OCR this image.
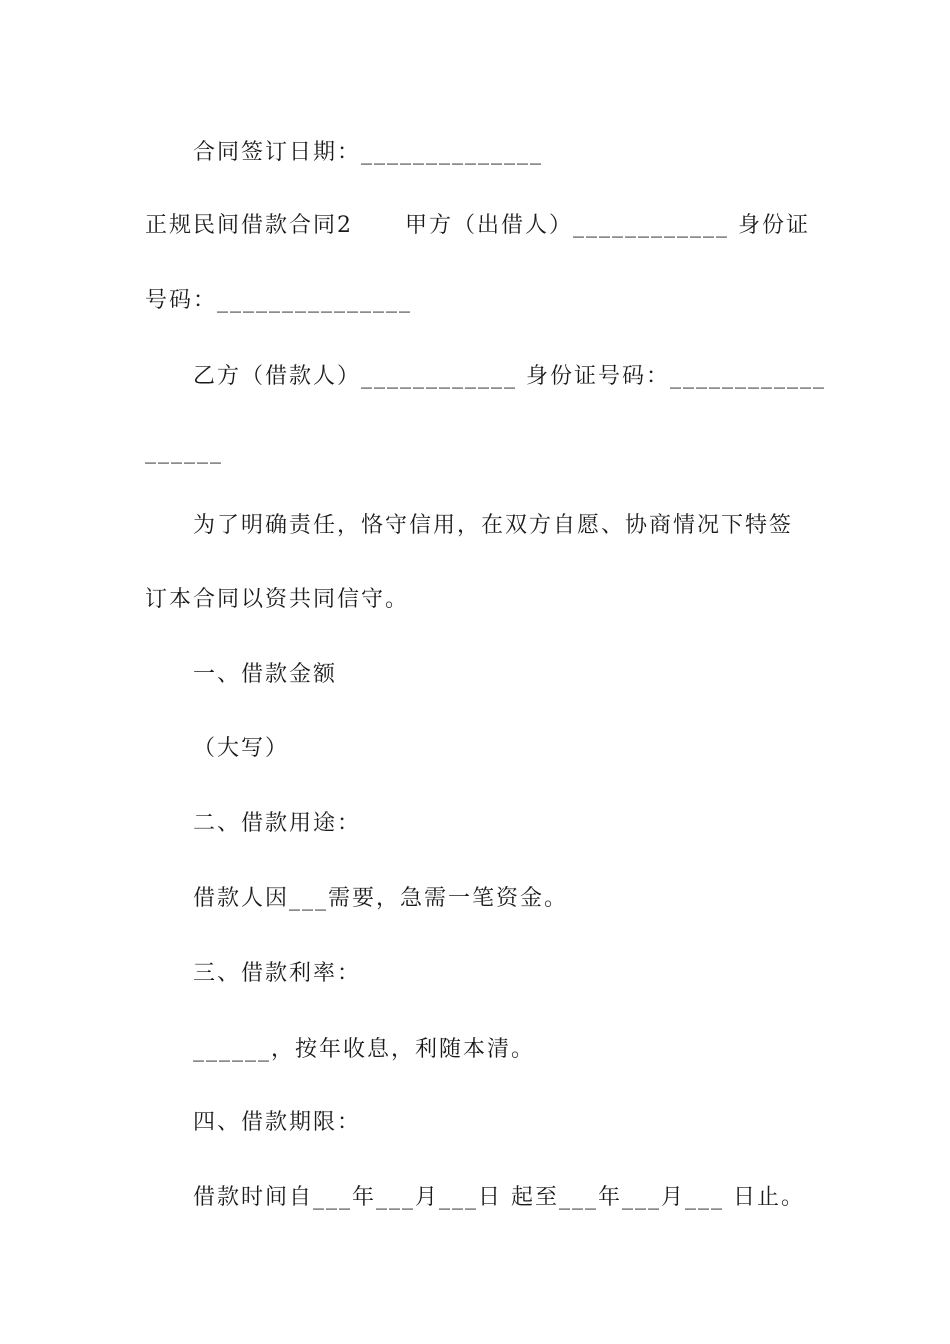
合同签订日期：______________
正规民间借款合同2 甲方（出借人）____________ 身份证
号码：_______________
乙方（借款人）____________ 身份证号码：____________
______
为了明确责任，恪守信用，在双方自愿、协商情况下特签
订本合同以资共同信守。
一、借款金额
（大写）
二、借款用途：
借款人因___需要，急需一笔资金。
三、借款利率：
______，按年收息，利随本清。
四、借款期限：
借款时间自___年___月___日 起至___年___月___ 日止。
